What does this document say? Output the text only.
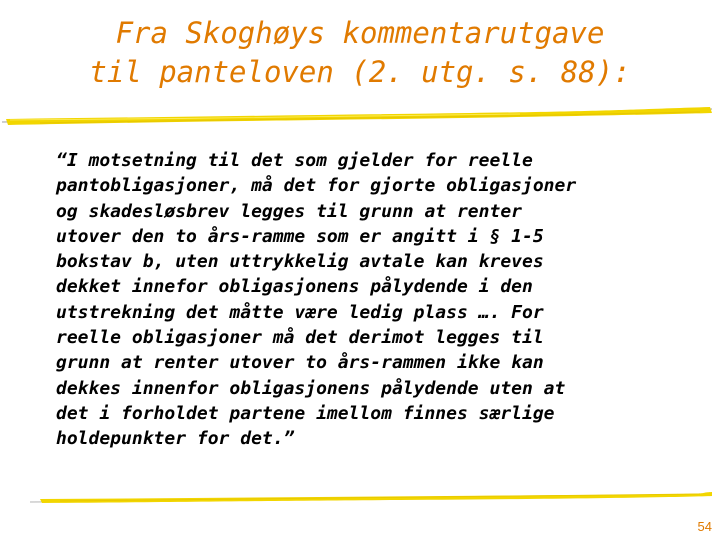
Fra Skoghøys kommentarutgave
til panteloven (2. utg. s. 88):
“I motsetning til det som gjelder for reelle
pantobligasjoner, må det for gjorte obligasjoner
og skadesløsbrev legges til grunn at renter
utover den to års-ramme som er angitt i § 1-5
bokstav b, uten uttrykkelig avtale kan kreves
dekket innefor obligasjonens pålydende i den
utstrekning det måtte være ledig plass …. For
reelle obligasjoner må det derimot legges til
grunn at renter utover to års-rammen ikke kan
dekkes innenfor obligasjonens pålydende uten at
det i forholdet partene imellom finnes særlige
holdepunkter for det.”
54
